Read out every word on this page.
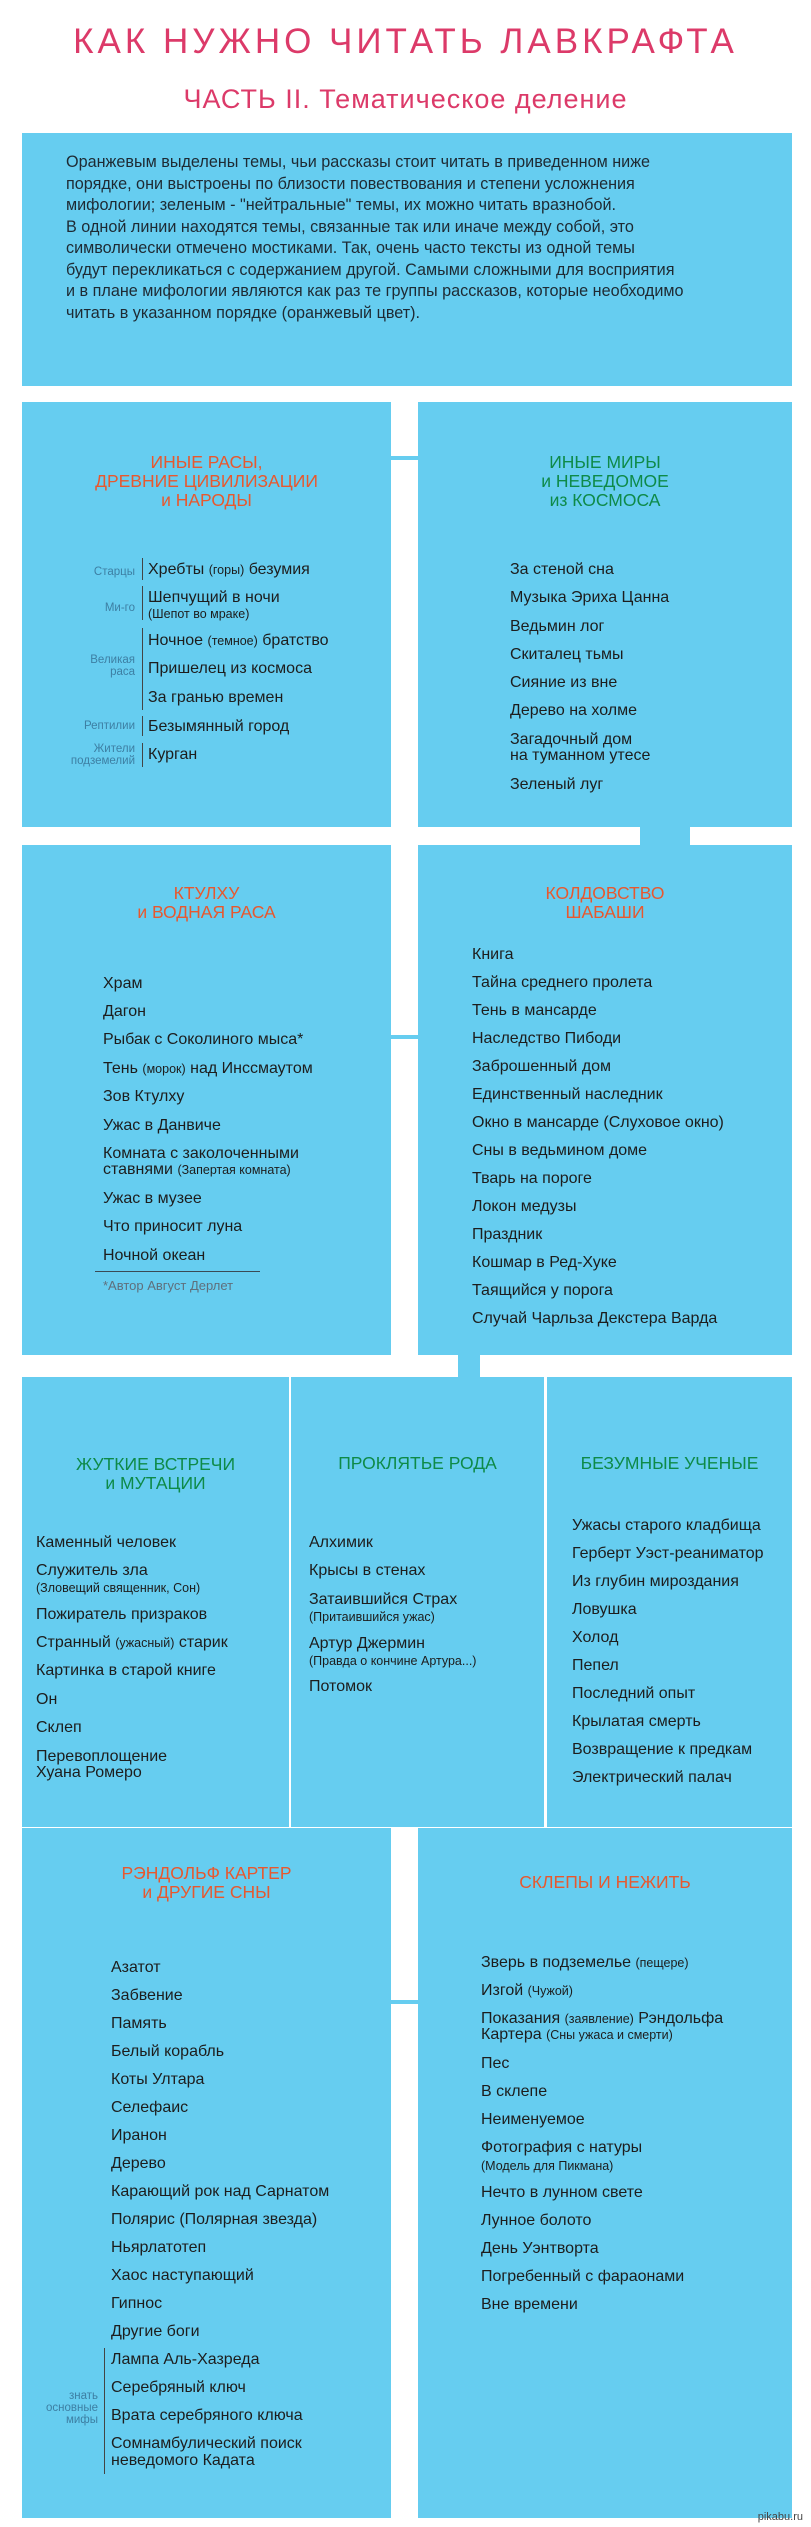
КАК НУЖНО ЧИТАТЬ ЛАВКРАФТА
ЧАСТЬ II. Тематическое деление

Оранжевым выделены темы, чьи рассказы стоит читать в приведенном ниже

порядке, они выстроены по близости повествования и степени усложнения

мифологии; зеленым - "нейтральные" темы, их можно читать вразнобой.

В одной линии находятся темы, связанные так или иначе между собой, это

символически отмечено мостиками. Так, очень часто тексты из одной темы

будут перекликаться с содержанием другой. Самыми сложными для восприятия

и в плане мифологии являются как раз те группы рассказов, которые необходимо

читать в указанном порядке (оранжевый цвет).

ИНЫЕ РАСЫ,
ДРЕВНИЕ ЦИВИЛИЗАЦИИ
и НАРОДЫ
Старцы
Ми-го
Великая
раса
Рептилии
Жители
подземелий
Хребты (горы) безумия
Шепчущий в ночи
(Шепот во мраке)
Ночное (темное) братство
Пришелец из космоса
За гранью времен
Безымянный город
Курган
ИНЫЕ МИРЫ
и НЕВЕДОМОЕ
из КОСМОСА
За стеной сна
Музыка Эриха Цанна
Ведьмин лог
Скиталец тьмы
Сияние из вне
Дерево на холме
Загадочный дом
на туманном утесе
Зеленый луг
КТУЛХУ
и ВОДНАЯ РАСА
Храм
Дагон
Рыбак с Соколиного мыса*
Тень (морок) над Инссмаутом
Зов Ктулху
Ужас в Данвиче
Комната с заколоченными
ставнями (Запертая комната)
Ужас в музее
Что приносит луна
Ночной океан
*Автор Август Дерлет
КОЛДОВСТВО
ШАБАШИ
Книга
Тайна среднего пролета
Тень в мансарде
Наследство Пибоди
Заброшенный дом
Единственный наследник
Окно в мансарде (Слуховое окно)
Сны в ведьмином доме
Тварь на пороге
Локон медузы
Праздник
Кошмар в Ред-Хуке
Таящийся у порога
Случай Чарльза Декстера Варда
ЖУТКИЕ ВСТРЕЧИ
и МУТАЦИИ
Каменный человек
Служитель зла
(Зловещий священник, Сон)
Пожиратель призраков
Странный (ужасный) старик
Картинка в старой книге
Он
Склеп
Перевоплощение
Хуана Ромеро
ПРОКЛЯТЬЕ РОДА
Алхимик
Крысы в стенах
Затаившийся Страх
(Притаившийся ужас)
Артур Джермин
(Правда о кончине Артура...)
Потомок
БЕЗУМНЫЕ УЧЕНЫЕ
Ужасы старого кладбища
Герберт Уэст-реаниматор
Из глубин мироздания
Ловушка
Холод
Пепел
Последний опыт
Крылатая смерть
Возвращение к предкам
Электрический палач
РЭНДОЛЬФ КАРТЕР
и ДРУГИЕ СНЫ
Азатот
Забвение
Память
Белый корабль
Коты Ултара
Селефаис
Иранон
Дерево
Карающий рок над Сарнатом
Полярис (Полярная звезда)
Ньярлатотеп
Хаос наступающий
Гипнос
Другие боги
Лампа Аль-Хазреда
Серебряный ключ
Врата серебряного ключа
Сомнамбулический поиск
неведомого Кадата
знать
основные
мифы
СКЛЕПЫ И НЕЖИТЬ
Зверь в подземелье (пещере)
Изгой (Чужой)
Показания (заявление) Рэндольфа
Картера (Сны ужаса и смерти)
Пес
В склепе
Неименуемое
Фотография с натуры
(Модель для Пикмана)
Нечто в лунном свете
Лунное болото
День Уэнтворта
Погребенный с фараонами
Вне времени
pikabu.ru
